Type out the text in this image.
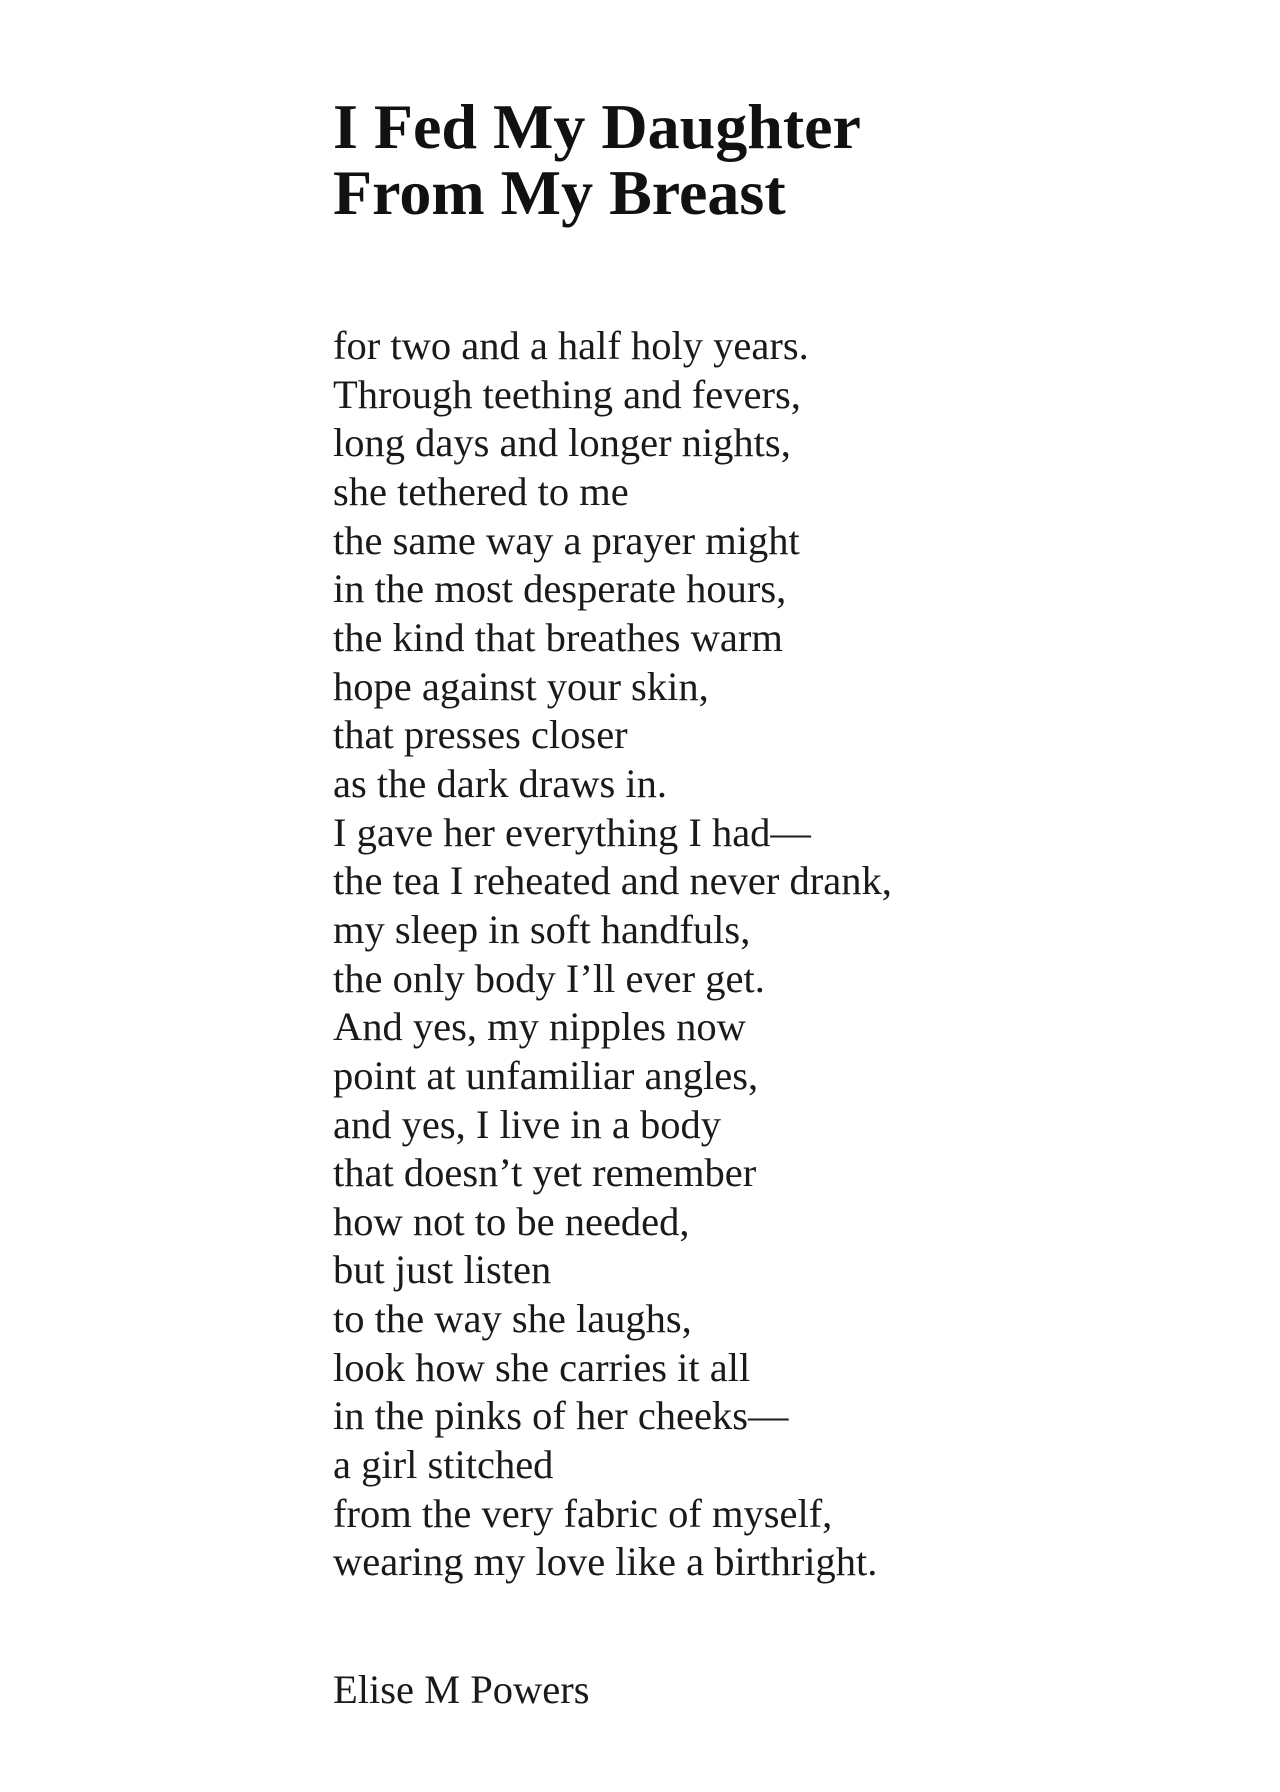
I Fed My Daughter
From My Breast
for two and a half holy years.
Through teething and fevers,
long days and longer nights,
she tethered to me
the same way a prayer might
in the most desperate hours,
the kind that breathes warm
hope against your skin,
that presses closer
as the dark draws in.
I gave her everything I had—
the tea I reheated and never drank,
my sleep in soft handfuls,
the only body I’ll ever get.
And yes, my nipples now
point at unfamiliar angles,
and yes, I live in a body
that doesn’t yet remember
how not to be needed,
but just listen
to the way she laughs,
look how she carries it all
in the pinks of her cheeks—
a girl stitched
from the very fabric of myself,
wearing my love like a birthright.

Elise M Powers
